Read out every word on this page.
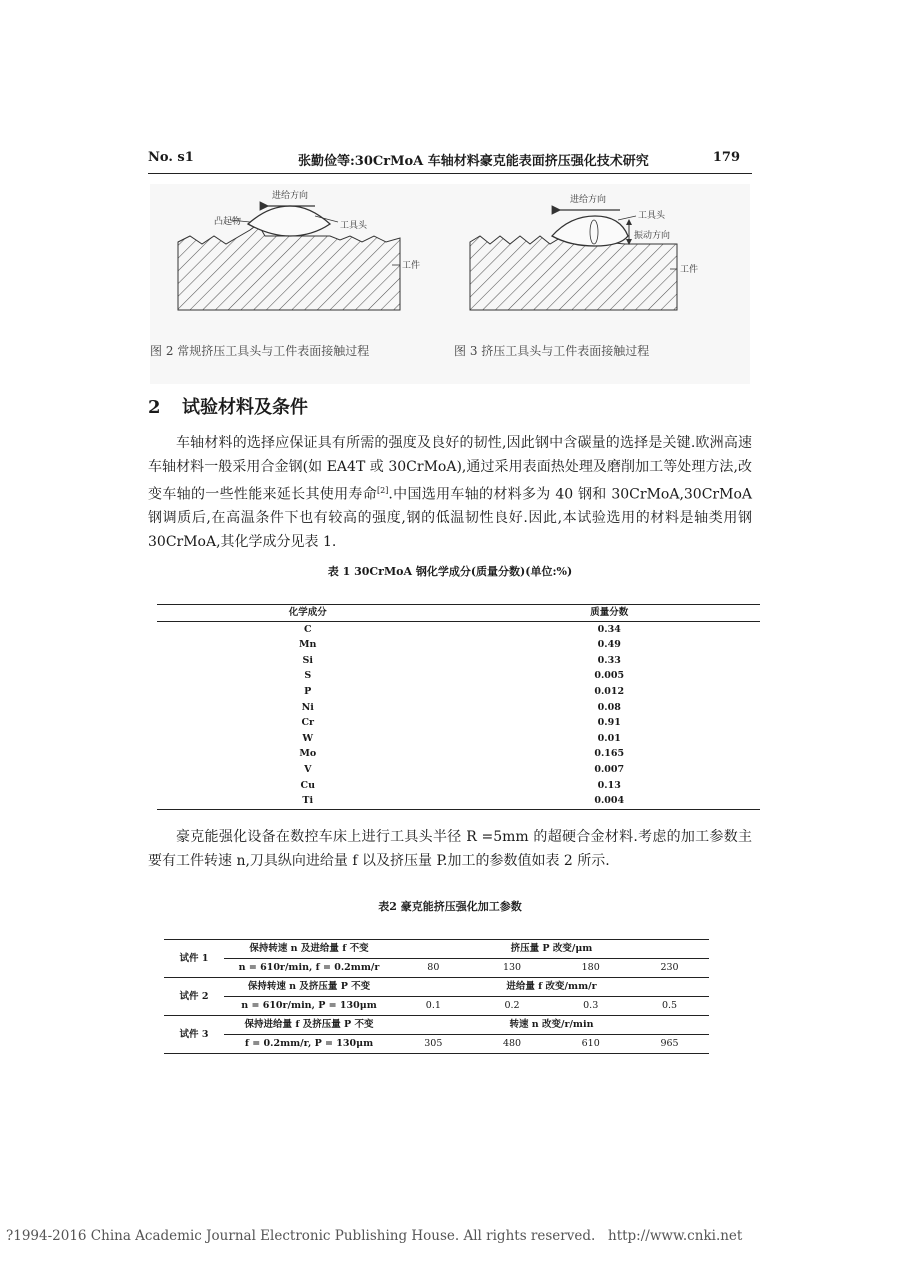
No. s1	张勤俭等:30CrMoA 车轴材料豪克能表面挤压强化技术研究	179
进给方向
凸起物	工具头
工件
进给方向
工具头
振动方向
工件
图 2 常规挤压工具头与工件表面接触过程	图 3 挤压工具头与工件表面接触过程
2 试验材料及条件

车轴材料的选择应保证具有所需的强度及良好的韧性,因此钢中含碳量的选择是关键.欧洲高速车轴材料一般采用合金钢(如 EA4T 或 30CrMoA),通过采用表面热处理及磨削加工等处理方法,改变车轴的一些性能来延长其使用寿命[2].中国选用车轴的材料多为 40 钢和 30CrMoA,30CrMoA 钢调质后,在高温条件下也有较高的强度,钢的低温韧性良好.因此,本试验选用的材料是轴类用钢 30CrMoA,其化学成分见表 1.

表 1 30CrMoA 钢化学成分(质量分数)(单位:%)
化学成分	质量分数
C	0.34
Mn	0.49
Si	0.33
S	0.005
P	0.012
Ni	0.08
Cr	0.91
W	0.01
Mo	0.165
V	0.007
Cu	0.13
Ti	0.004

豪克能强化设备在数控车床上进行工具头半径 R =5mm 的超硬合金材料.考虑的加工参数主要有工件转速 n,刀具纵向进给量 f 以及挤压量 P.加工的参数值如表 2 所示.

表2 豪克能挤压强化加工参数
试件 1	保持转速 n 及进给量 f 不变	挤压量 P 改变/μm			
	n = 610r/min, f = 0.2mm/r	80	130	180	230
试件 2	保持转速 n 及挤压量 P 不变	进给量 f 改变/mm/r			
	n = 610r/min, P = 130μm	0.1	0.2	0.3	0.5
试件 3	保持进给量 f 及挤压量 P 不变	转速 n 改变/r/min			
	f = 0.2mm/r, P = 130μm	305	480	610	965
?1994-2016 China Academic Journal Electronic Publishing House. All rights reserved. http://www.cnki.net
